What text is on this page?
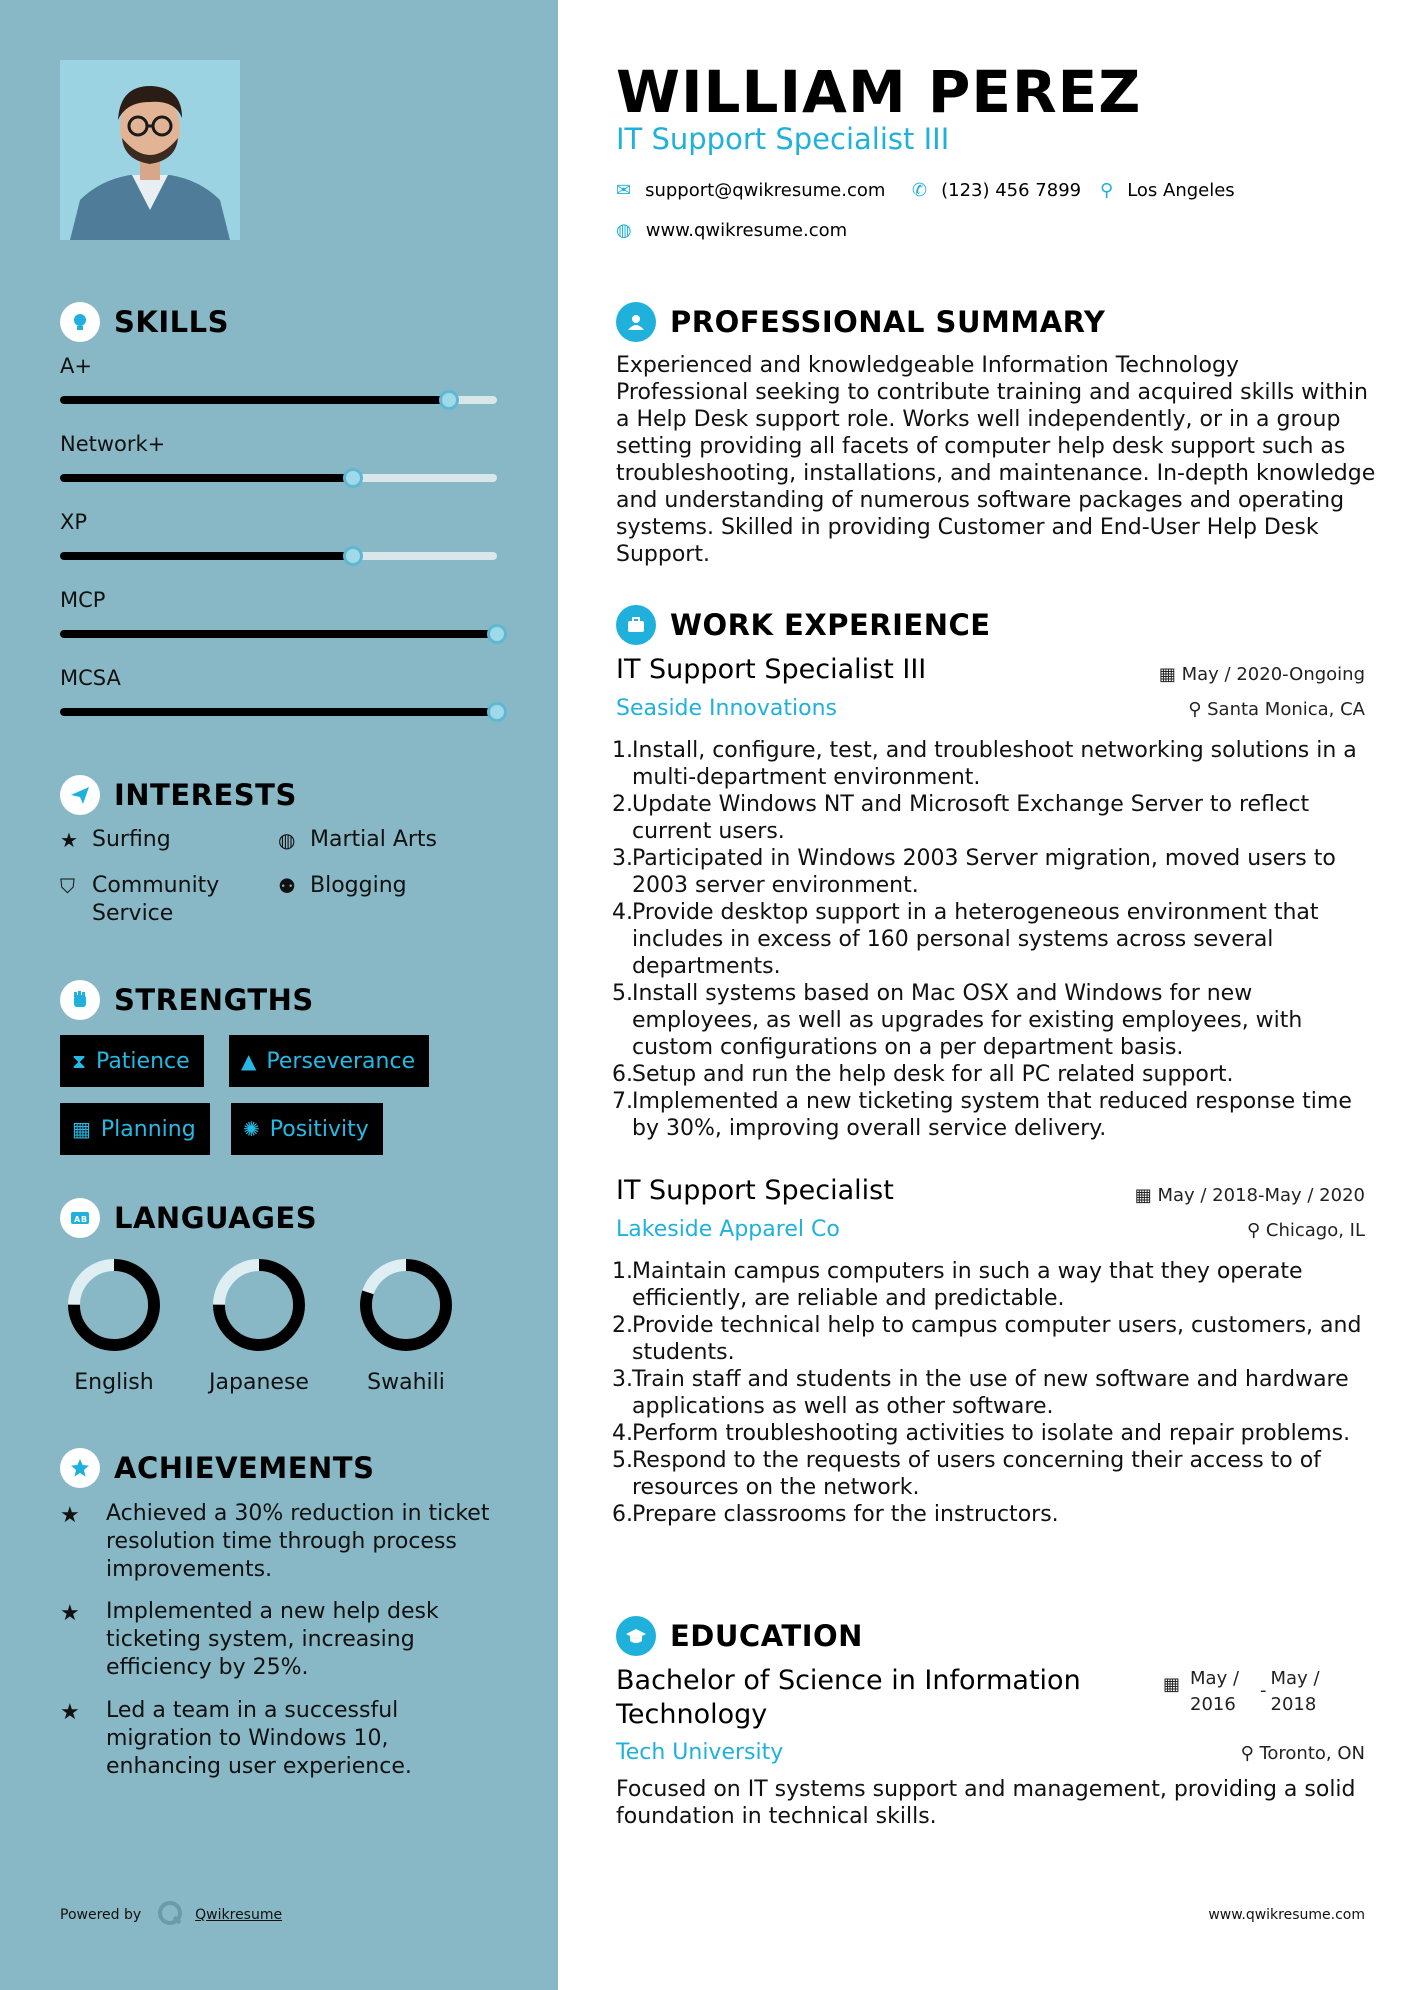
SKILLS
A+
Network+
XP
MCP
MCSA
INTERESTS
★ Surfing	◍ Martial Arts
⛉ Community Service
⚉ Blogging
STRENGTHS
⧗ Patience	▲ Perseverance
▦ Planning ✺ Positivity
A B LANGUAGES
English	Japanese	Swahili
ACHIEVEMENTS
★	Achieved a 30% reduction in ticket resolution time through process improvements.
★	Implemented a new help desk ticketing system, increasing efficiency by 25%.
★	Led a team in a successful migration to Windows 10, enhancing user experience.
Powered by	Qwikresume
WILLIAM PEREZ
IT Support Specialist III
✉ support@qwikresume.com ✆ (123) 456 7899 ⚲ Los Angeles
◍ www.qwikresume.com
PROFESSIONAL SUMMARY
Experienced and knowledgeable Information Technology Professional seeking to contribute training and acquired skills within a Help Desk support role. Works well independently, or in a group setting providing all facets of computer help desk support such as troubleshooting, installations, and maintenance. In-depth knowledge and understanding of numerous software packages and operating systems. Skilled in providing Customer and End-User Help Desk Support.
WORK EXPERIENCE
IT Support Specialist III	▦ May / 2020-Ongoing
Seaside Innovations	⚲ Santa Monica, CA
1. Install, configure, test, and troubleshoot networking solutions in a multi-department environment.
2. Update Windows NT and Microsoft Exchange Server to reflect current users.
3. Participated in Windows 2003 Server migration, moved users to 2003 server environment.
4. Provide desktop support in a heterogeneous environment that includes in excess of 160 personal systems across several departments.
5. Install systems based on Mac OSX and Windows for new employees, as well as upgrades for existing employees, with custom configurations on a per department basis.
6. Setup and run the help desk for all PC related support.
7. Implemented a new ticketing system that reduced response time by 30%, improving overall service delivery.
IT Support Specialist	▦ May / 2018-May / 2020
Lakeside Apparel Co	⚲ Chicago, IL
1. Maintain campus computers in such a way that they operate efficiently, are reliable and predictable.
2. Provide technical help to campus computer users, customers, and students.
3. Train staff and students in the use of new software and hardware applications as well as other software.
4. Perform troubleshooting activities to isolate and repair problems.
5. Respond to the requests of users concerning their access to of resources on the network.
6. Prepare classrooms for the instructors.
EDUCATION
Bachelor of Science in Information Technology
▦ May / 2016
-
May / 2018
Tech University	⚲ Toronto, ON
Focused on IT systems support and management, providing a solid foundation in technical skills.
www.qwikresume.com
